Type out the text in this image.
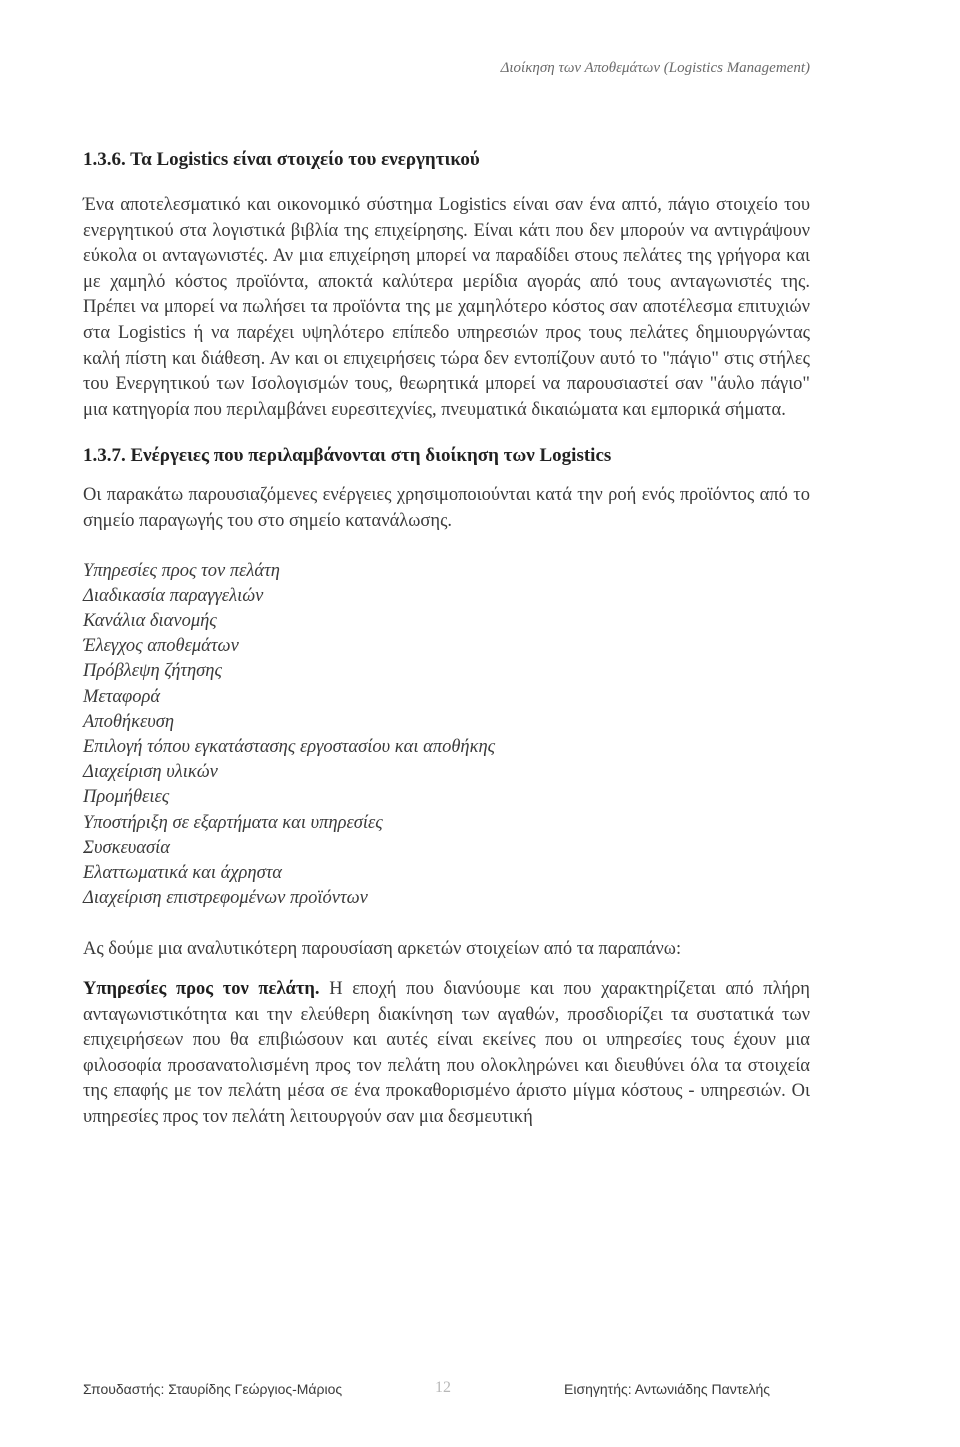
Διοίκηση των Αποθεμάτων (Logistics Management)
1.3.6. Τα Logistics είναι στοιχείο του ενεργητικού

Ένα αποτελεσματικό και οικονομικό σύστημα Logistics είναι σαν ένα απτό, πάγιο στοιχείο του ενεργητικού στα λογιστικά βιβλία της επιχείρησης. Είναι κάτι που δεν μπορούν να αντιγράψουν εύκολα οι ανταγωνιστές. Αν μια επιχείρηση μπορεί να παραδίδει στους πελάτες της γρήγορα και με χαμηλό κόστος προϊόντα, αποκτά καλύτερα μερίδια αγοράς από τους ανταγωνιστές της. Πρέπει να μπορεί να πωλήσει τα προϊόντα της με χαμηλότερο κόστος σαν αποτέλεσμα επιτυχιών στα Logistics ή να παρέχει υψηλότερο επίπεδο υπηρεσιών προς τους πελάτες δημιουργώντας καλή πίστη και διάθεση. Αν και οι επιχειρήσεις τώρα δεν εντοπίζουν αυτό το "πάγιο" στις στήλες του Ενεργητικού των Ισολογισμών τους, θεωρητικά μπορεί να παρουσιαστεί σαν "άυλο πάγιο" μια κατηγορία που περιλαμβάνει ευρεσιτεχνίες, πνευματικά δικαιώματα και εμπορικά σήματα.

1.3.7. Ενέργειες που περιλαμβάνονται στη διοίκηση των Logistics

Οι παρακάτω παρουσιαζόμενες ενέργειες χρησιμοποιούνται κατά την ροή ενός προϊόντος από το σημείο παραγωγής του στο σημείο κατανάλωσης.

Υπηρεσίες προς τον πελάτη
Διαδικασία παραγγελιών
Κανάλια διανομής
Έλεγχος αποθεμάτων
Πρόβλεψη ζήτησης
Μεταφορά
Αποθήκευση
Επιλογή τόπου εγκατάστασης εργοστασίου και αποθήκης
Διαχείριση υλικών
Προμήθειες
Υποστήριξη σε εξαρτήματα και υπηρεσίες
Συσκευασία
Ελαττωματικά και άχρηστα
Διαχείριση επιστρεφομένων προϊόντων

Ας δούμε μια αναλυτικότερη παρουσίαση αρκετών στοιχείων από τα παραπάνω:

Υπηρεσίες προς τον πελάτη. Η εποχή που διανύουμε και που χαρακτηρίζεται από πλήρη ανταγωνιστικότητα και την ελεύθερη διακίνηση των αγαθών, προσδιορίζει τα συστατικά των επιχειρήσεων που θα επιβιώσουν και αυτές είναι εκείνες που οι υπηρεσίες τους έχουν μια φιλοσοφία προσανατολισμένη προς τον πελάτη που ολοκληρώνει και διευθύνει όλα τα στοιχεία της επαφής με τον πελάτη μέσα σε ένα προκαθορισμένο άριστο μίγμα κόστους - υπηρεσιών. Οι υπηρεσίες προς τον πελάτη λειτουργούν σαν μια δεσμευτική

Σπουδαστής: Σταυρίδης Γεώργιος-Μάριος	12	Εισηγητής: Αντωνιάδης Παντελής
